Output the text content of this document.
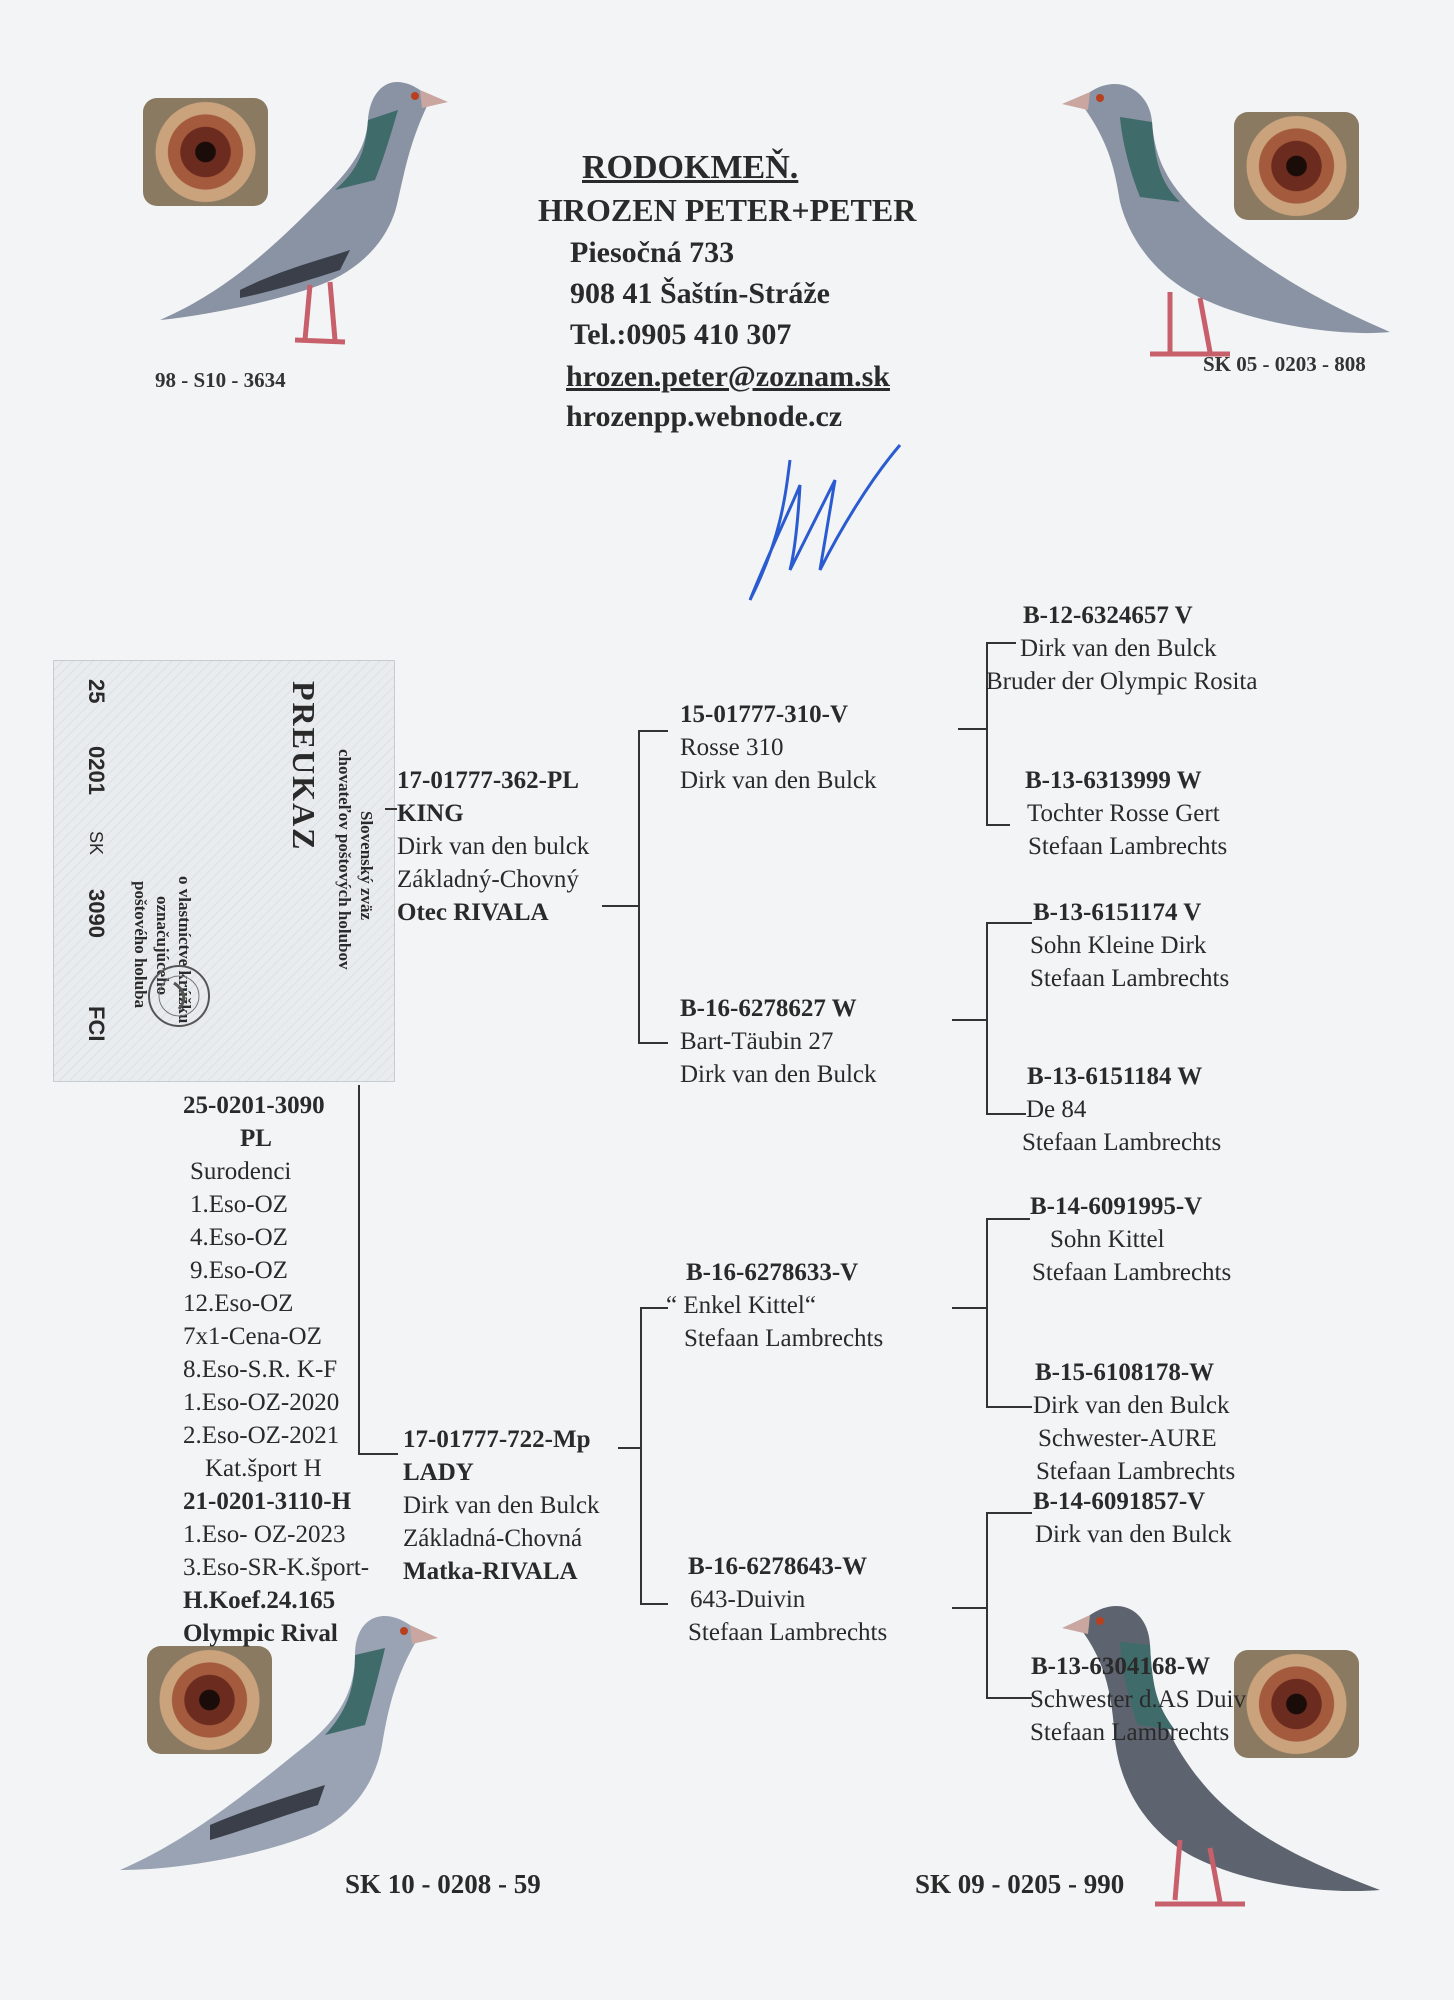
98 - S10 - 3634
SK 05 - 0203 - 808
SK 10 - 0208 - 59	SK 09 - 0205 - 990
RODOKMEŇ.
HROZEN PETER+PETER
Piesočná 733
908 41 Šaštín-Stráže
Tel.:0905 410 307
hrozen.peter@zoznam.sk
hrozenpp.webnode.cz
Slovenský zväz
chovateľov poštových holubov
PREUKAZ
o vlastníctve krúžku
označujúceho
poštového holuba
25
0201
SK
3090
FCI
25-0201-3090
PL
Surodenci
1.Eso-OZ
4.Eso-OZ
9.Eso-OZ
12.Eso-OZ
7x1-Cena-OZ
8.Eso-S.R. K-F
1.Eso-OZ-2020
2.Eso-OZ-2021
Kat.šport H
21-0201-3110-H
1.Eso- OZ-2023
3.Eso-SR-K.šport-
H.Koef.24.165
Olympic Rival
17-01777-362-PL
KING
Dirk van den bulck
Základný-Chovný
Otec RIVALA
17-01777-722-Mp
LADY
Dirk van den Bulck
Základná-Chovná
Matka-RIVALA
15-01777-310-V
Rosse 310
Dirk van den Bulck
B-16-6278627 W
Bart-Täubin 27
Dirk van den Bulck
B-16-6278633-V
“ Enkel Kittel“
Stefaan Lambrechts
B-16-6278643-W
643-Duivin
Stefaan Lambrechts
B-12-6324657 V
Dirk van den Bulck
Bruder der Olympic Rosita
B-13-6313999 W
Tochter Rosse Gert
Stefaan Lambrechts
B-13-6151174 V
Sohn Kleine Dirk
Stefaan Lambrechts
B-13-6151184 W
De 84
Stefaan Lambrechts
B-14-6091995-V
Sohn Kittel
Stefaan Lambrechts
B-15-6108178-W
Dirk van den Bulck
Schwester-AURE
Stefaan Lambrechts
B-14-6091857-V
Dirk van den Bulck
B-13-6304168-W
Schwester d.AS Duiv
Stefaan Lambrechts
